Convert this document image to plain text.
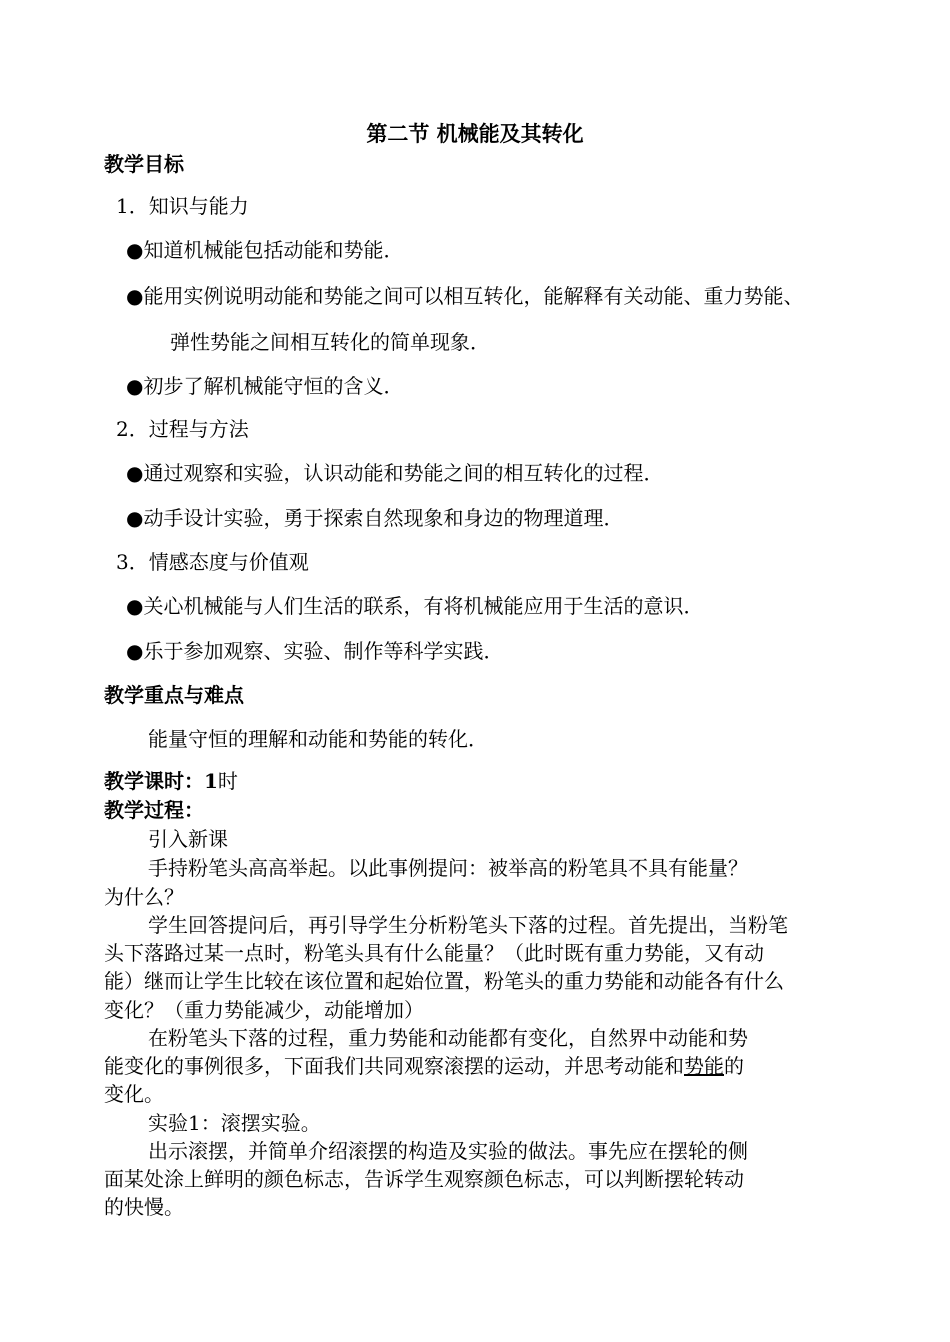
第二节 机械能及其转化
教学目标
1．知识与能力
●知道机械能包括动能和势能．
●能用实例说明动能和势能之间可以相互转化，能解释有关动能、重力势能、
弹性势能之间相互转化的简单现象．
●初步了解机械能守恒的含义．
2．过程与方法
●通过观察和实验，认识动能和势能之间的相互转化的过程．
●动手设计实验，勇于探索自然现象和身边的物理道理．
3．情感态度与价值观
●关心机械能与人们生活的联系，有将机械能应用于生活的意识．
●乐于参加观察、实验、制作等科学实践．
教学重点与难点
能量守恒的理解和动能和势能的转化．
教学课时：1时
教学过程：
引入新课
手持粉笔头高高举起。以此事例提问：被举高的粉笔具不具有能量？
为什么？
学生回答提问后，再引导学生分析粉笔头下落的过程。首先提出，当粉笔
头下落路过某一点时，粉笔头具有什么能量？（此时既有重力势能，又有动
能）继而让学生比较在该位置和起始位置，粉笔头的重力势能和动能各有什么
变化？（重力势能减少，动能增加）
在粉笔头下落的过程，重力势能和动能都有变化，自然界中动能和势
能变化的事例很多，下面我们共同观察滚摆的运动，并思考动能和势能的
变化。
实验1：滚摆实验。
出示滚摆，并简单介绍滚摆的构造及实验的做法。事先应在摆轮的侧
面某处涂上鲜明的颜色标志，告诉学生观察颜色标志，可以判断摆轮转动
的快慢。
